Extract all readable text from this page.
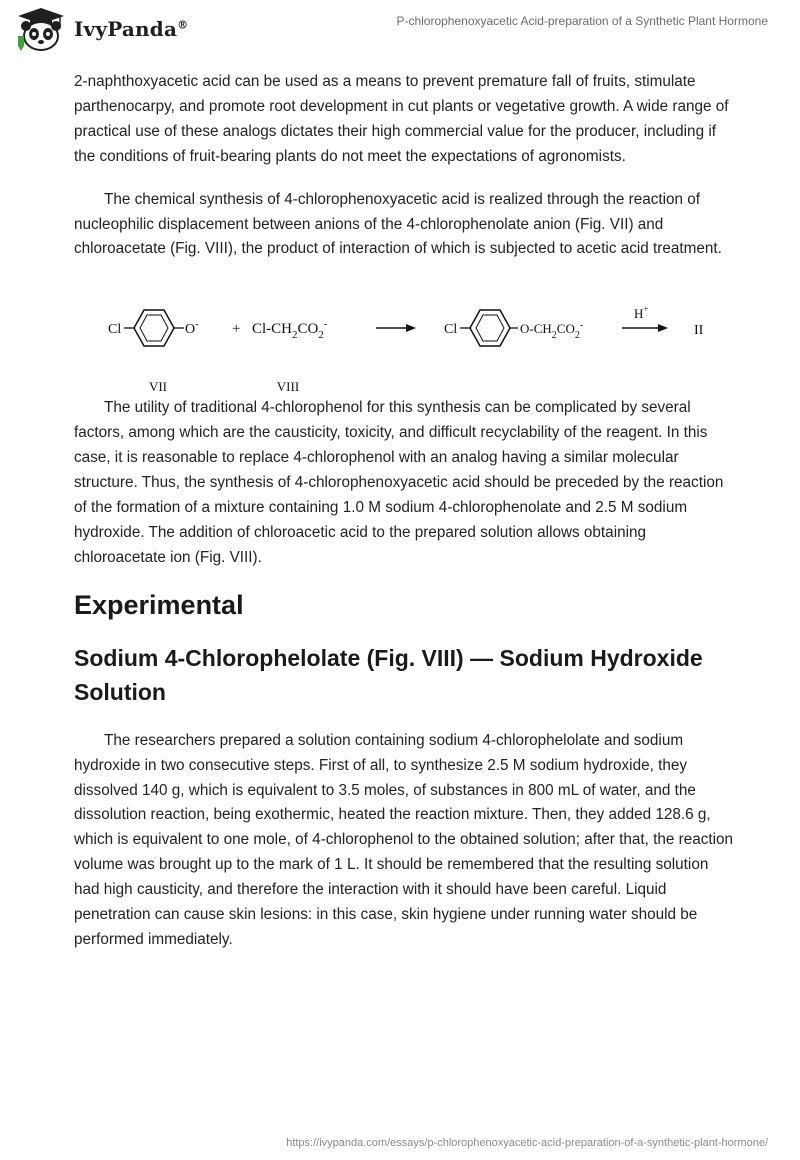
IvyPanda®	P-chlorophenoxyacetic Acid-preparation of a Synthetic Plant Hormone

2-naphthoxyacetic acid can be used as a means to prevent premature fall of fruits, stimulate parthenocarpy, and promote root development in cut plants or vegetative growth. A wide range of practical use of these analogs dictates their high commercial value for the producer, including if the conditions of fruit-bearing plants do not meet the expectations of agronomists.

The chemical synthesis of 4-chlorophenoxyacetic acid is realized through the reaction of nucleophilic displacement between anions of the 4-chlorophenolate anion (Fig. VII) and chloroacetate (Fig. VIII), the product of interaction of which is subjected to acetic acid treatment.

Cl	O-
VII
+ $Cl-CH_2CO_2^-$
VIII
Cl	$O-CH_2CO_2^-$
H+
II

The utility of traditional 4-chlorophenol for this synthesis can be complicated by several factors, among which are the causticity, toxicity, and difficult recyclability of the reagent. In this case, it is reasonable to replace 4-chlorophenol with an analog having a similar molecular structure. Thus, the synthesis of 4-chlorophenoxyacetic acid should be preceded by the reaction of the formation of a mixture containing 1.0 M sodium 4-chlorophenolate and 2.5 M sodium hydroxide. The addition of chloroacetic acid to the prepared solution allows obtaining chloroacetate ion (Fig. VIII).

Experimental
Sodium 4-Chlorophelolate (Fig. VIII) — Sodium Hydroxide Solution

The researchers prepared a solution containing sodium 4-chlorophelolate and sodium hydroxide in two consecutive steps. First of all, to synthesize 2.5 M sodium hydroxide, they dissolved 140 g, which is equivalent to 3.5 moles, of substances in 800 mL of water, and the dissolution reaction, being exothermic, heated the reaction mixture. Then, they added 128.6 g, which is equivalent to one mole, of 4-chlorophenol to the obtained solution; after that, the reaction volume was brought up to the mark of 1 L. It should be remembered that the resulting solution had high causticity, and therefore the interaction with it should have been careful. Liquid penetration can cause skin lesions: in this case, skin hygiene under running water should be performed immediately.

https://ivypanda.com/essays/p-chlorophenoxyacetic-acid-preparation-of-a-synthetic-plant-hormone/
